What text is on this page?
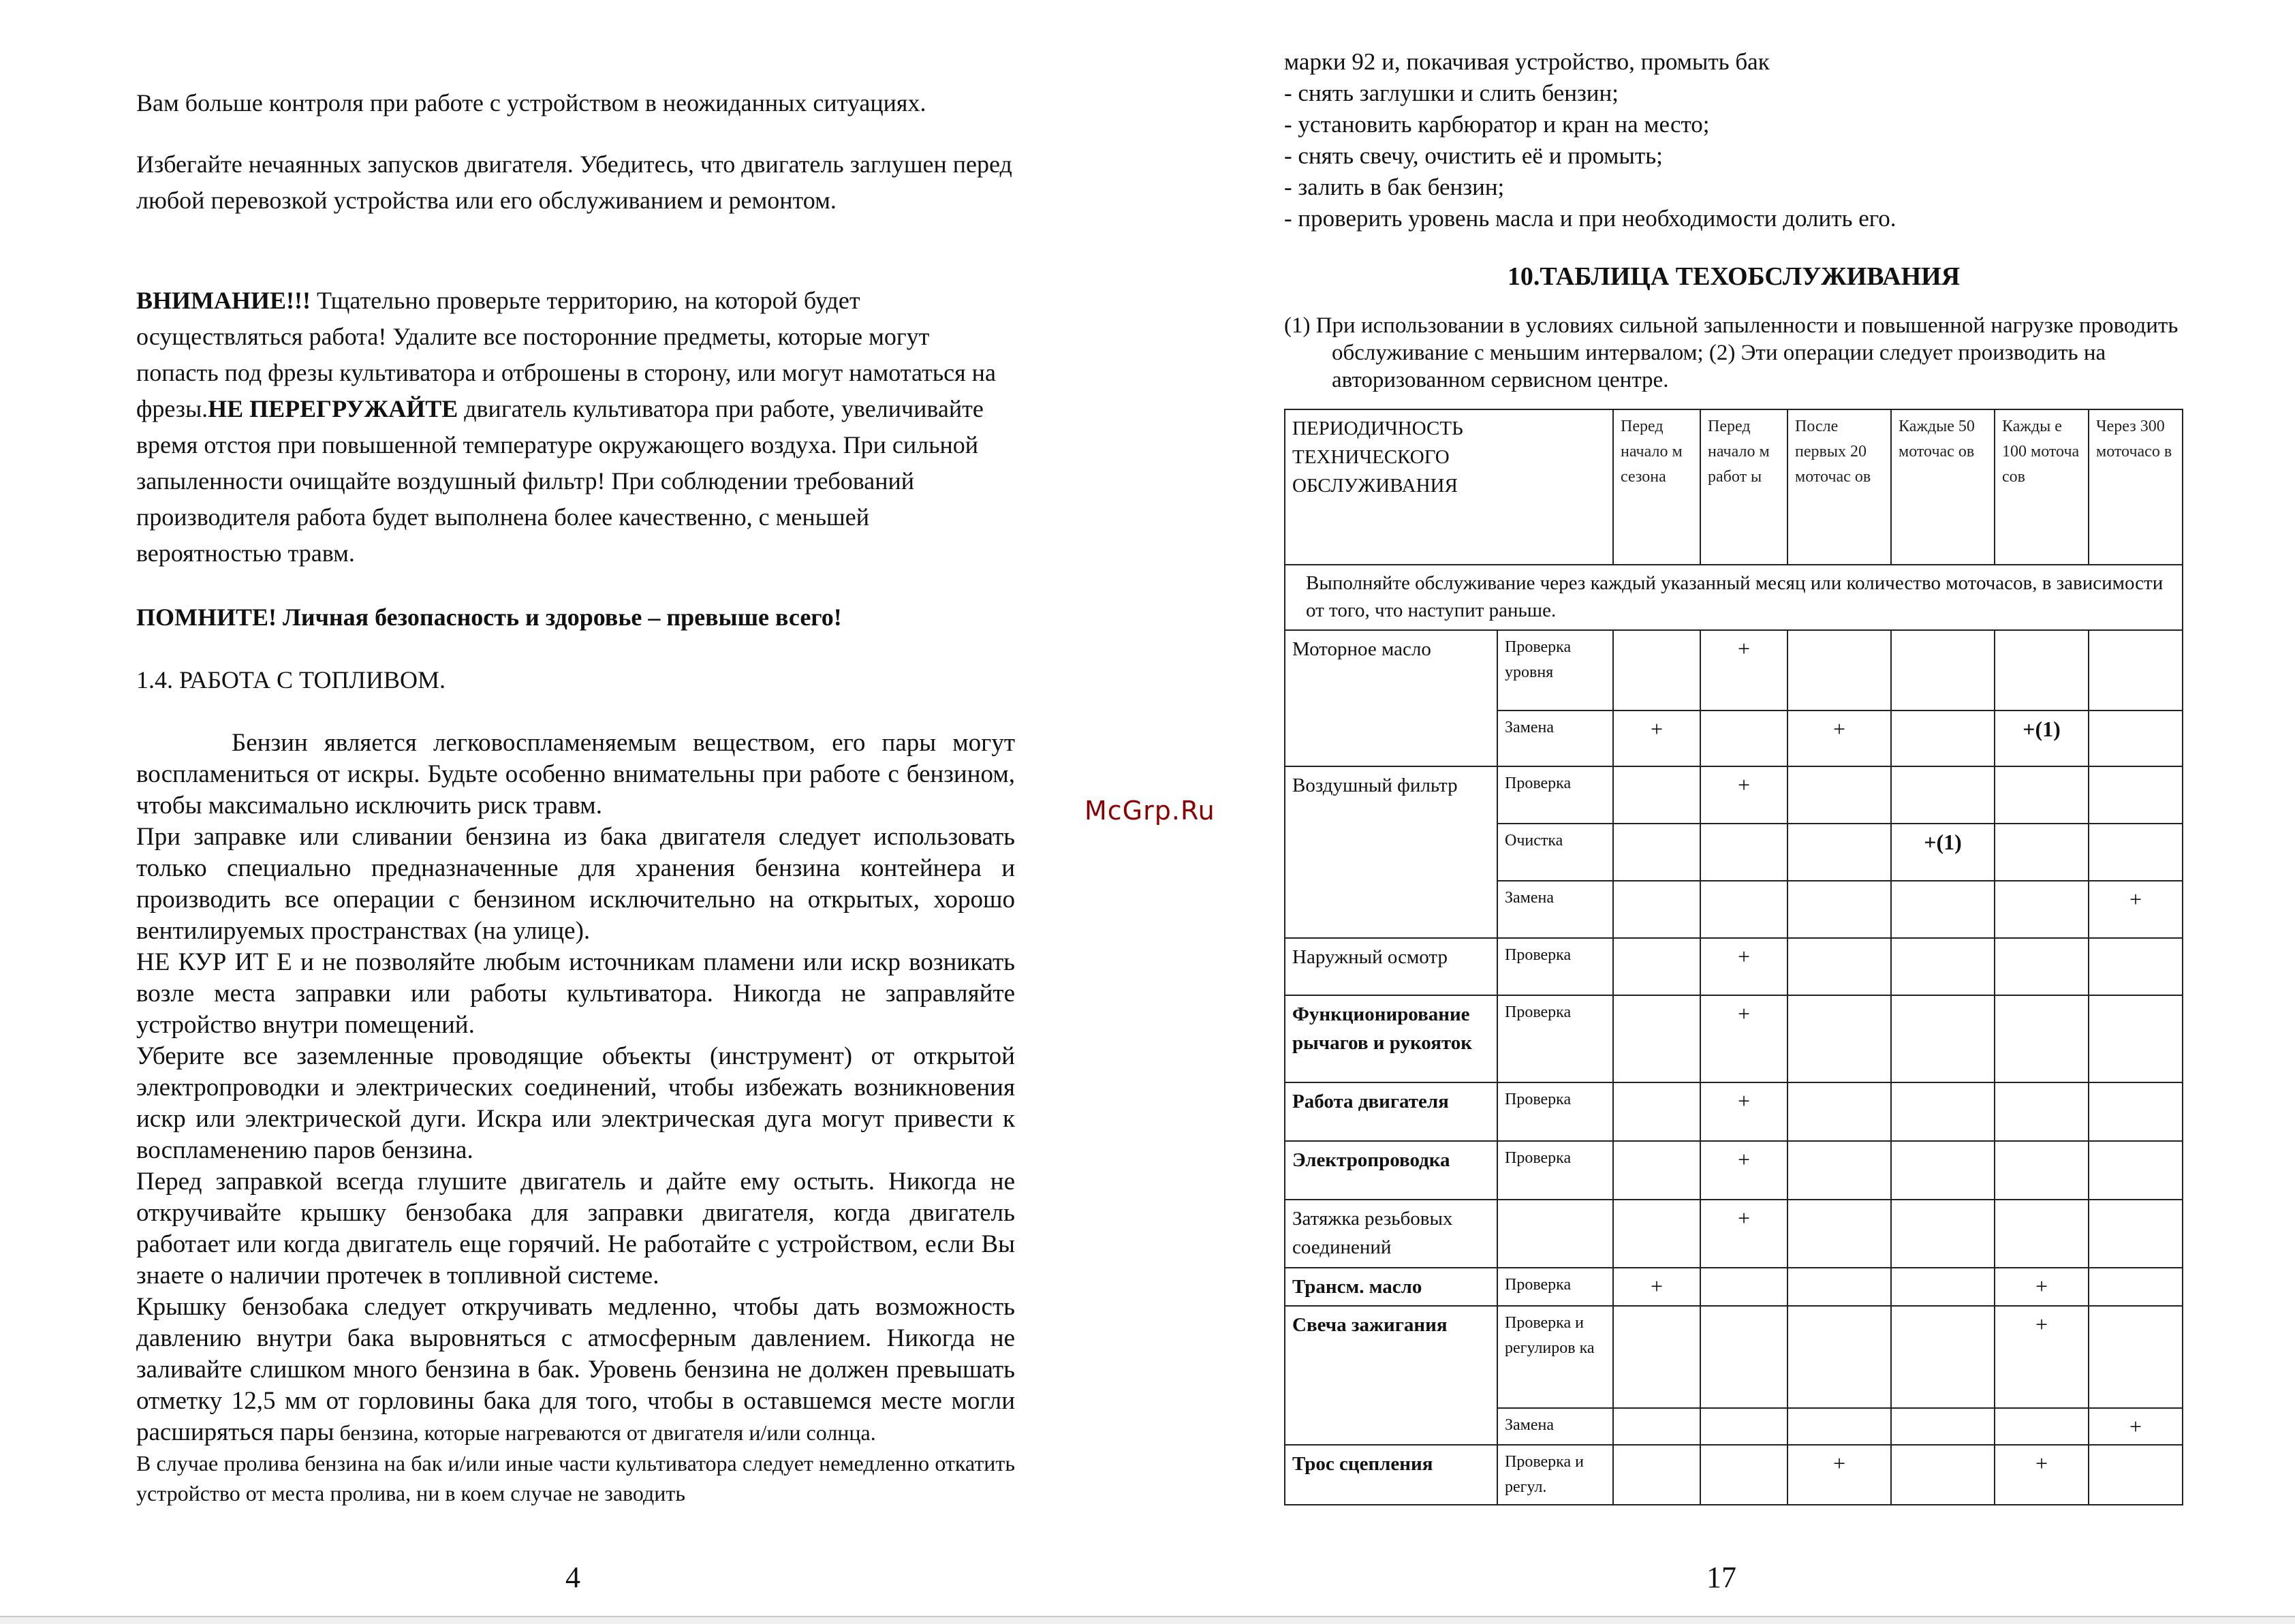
Вам больше контроля при работе с устройством в неожиданных ситуациях.

Избегайте нечаянных запусков двигателя. Убедитесь, что двигатель заглушен перед любой перевозкой устройства или его обслуживанием и ремонтом.

ВНИМАНИЕ!!! Тщательно проверьте территорию, на которой будет осуществляться работа! Удалите все посторонние предметы, которые могут попасть под фрезы культиватора и отброшены в сторону, или могут намотаться на фрезы.НЕ ПЕРЕГРУЖАЙТЕ двигатель культиватора при работе, увеличивайте время отстоя при повышенной температуре окружающего воздуха. При сильной запыленности очищайте воздушный фильтр! При соблюдении требований производителя работа будет выполнена более качественно, с меньшей вероятностью травм.

ПОМНИТЕ! Личная безопасность и здоровье – превыше всего!

1.4. РАБОТА С ТОПЛИВОМ.

Бензин является легковоспламеняемым веществом, его пары могут воспламениться от искры. Будьте особенно внимательны при работе с бензином, чтобы максимально исключить риск травм.

При заправке или сливании бензина из бака двигателя следует использовать только специально предназначенные для хранения бензина контейнера и производить все операции с бензином исключительно на открытых, хорошо вентилируемых пространствах (на улице).

НЕ КУР ИТ Е и не позволяйте любым источникам пламени или искр возникать возле места заправки или работы культиватора. Никогда не заправляйте устройство внутри помещений.

Уберите все заземленные проводящие объекты (инструмент) от открытой электропроводки и электрических соединений, чтобы избежать возникновения искр или электрической дуги. Искра или электрическая дуга могут привести к воспламенению паров бензина.

Перед заправкой всегда глушите двигатель и дайте ему остыть. Никогда не откручивайте крышку бензобака для заправки двигателя, когда двигатель работает или когда двигатель еще горячий. Не работайте с устройством, если Вы знаете о наличии протечек в топливной системе.

Крышку бензобака следует откручивать медленно, чтобы дать возможность давлению внутри бака выровняться с атмосферным давлением. Никогда не заливайте слишком много бензина в бак. Уровень бензина не должен превышать отметку 12,5 мм от горловины бака для того, чтобы в оставшемся месте могли расширяться пары бензина, которые нагреваются от двигателя и/или солнца.

В случае пролива бензина на бак и/или иные части культиватора следует немедленно откатить устройство от места пролива, ни в коем случае не заводить

4
McGrp.Ru

марки 92 и, покачивая устройство, промыть бак

- снять заглушки и слить бензин;

- установить карбюратор и кран на место;

- снять свечу, очистить её и промыть;

- залить в бак бензин;

- проверить уровень масла и при необходимости долить его.

10.ТАБЛИЦА ТЕХОБСЛУЖИВАНИЯ

(1) При использовании в условиях сильной запыленности и повышенной нагрузке проводить обслуживание с меньшим интервалом; (2) Эти операции следует производить на авторизованном сервисном центре.

ПЕРИОДИЧНОСТЬ ТЕХНИЧЕСКОГО ОБСЛУЖИВАНИЯ		Перед начало м сезона	Перед начало м работ ы	После первых 20 моточас ов	Каждые 50 моточас ов	Кажды е 100 моточа сов	Через 300 моточасо в
Выполняйте обслуживание через каждый указанный месяц или количество моточасов, в зависимости от того, что наступит раньше.							
Моторное масло	Проверка уровня		+				
	Замена	+		+		+(1)	
Воздушный фильтр	Проверка		+				
	Очистка				+(1)		
	Замена						+
Наружный осмотр	Проверка		+				
Функционирование рычагов и рукояток	Проверка		+				
Работа двигателя	Проверка		+				
Электропроводка	Проверка		+				
Затяжка резьбовых соединений			+				
Трансм. масло	Проверка	+				+	
Свеча зажигания	Проверка и регулиров ка					+	
	Замена						+
Трос сцепления	Проверка и регул.			+		+	
17
